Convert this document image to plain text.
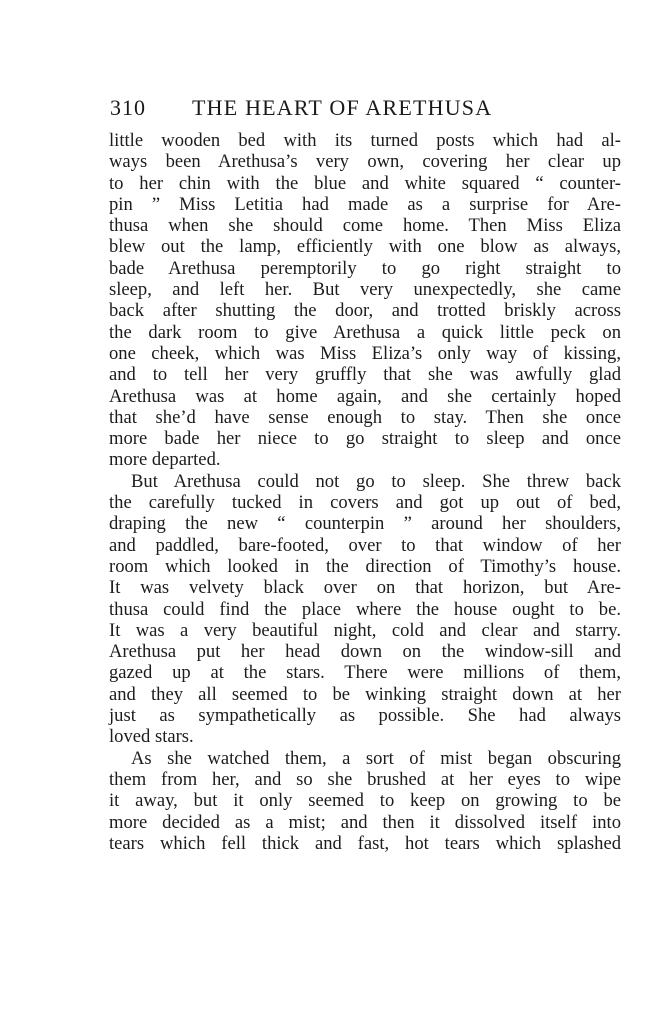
310 THE HEART OF ARETHUSA
little wooden bed with its turned posts which had al-
ways been Arethusa’s very own, covering her clear up
to her chin with the blue and white squared “ counter-
pin ” Miss Letitia had made as a surprise for Are-
thusa when she should come home. Then Miss Eliza
blew out the lamp, efficiently with one blow as always,
bade Arethusa peremptorily to go right straight to
sleep, and left her. But very unexpectedly, she came
back after shutting the door, and trotted briskly across
the dark room to give Arethusa a quick little peck on
one cheek, which was Miss Eliza’s only way of kissing,
and to tell her very gruffly that she was awfully glad
Arethusa was at home again, and she certainly hoped
that she’d have sense enough to stay. Then she once
more bade her niece to go straight to sleep and once
more departed.
But Arethusa could not go to sleep. She threw back
the carefully tucked in covers and got up out of bed,
draping the new “ counterpin ” around her shoulders,
and paddled, bare-footed, over to that window of her
room which looked in the direction of Timothy’s house.
It was velvety black over on that horizon, but Are-
thusa could find the place where the house ought to be.
It was a very beautiful night, cold and clear and starry.
Arethusa put her head down on the window-sill and
gazed up at the stars. There were millions of them,
and they all seemed to be winking straight down at her
just as sympathetically as possible. She had always
loved stars.
As she watched them, a sort of mist began obscuring
them from her, and so she brushed at her eyes to wipe
it away, but it only seemed to keep on growing to be
more decided as a mist; and then it dissolved itself into
tears which fell thick and fast, hot tears which splashed
